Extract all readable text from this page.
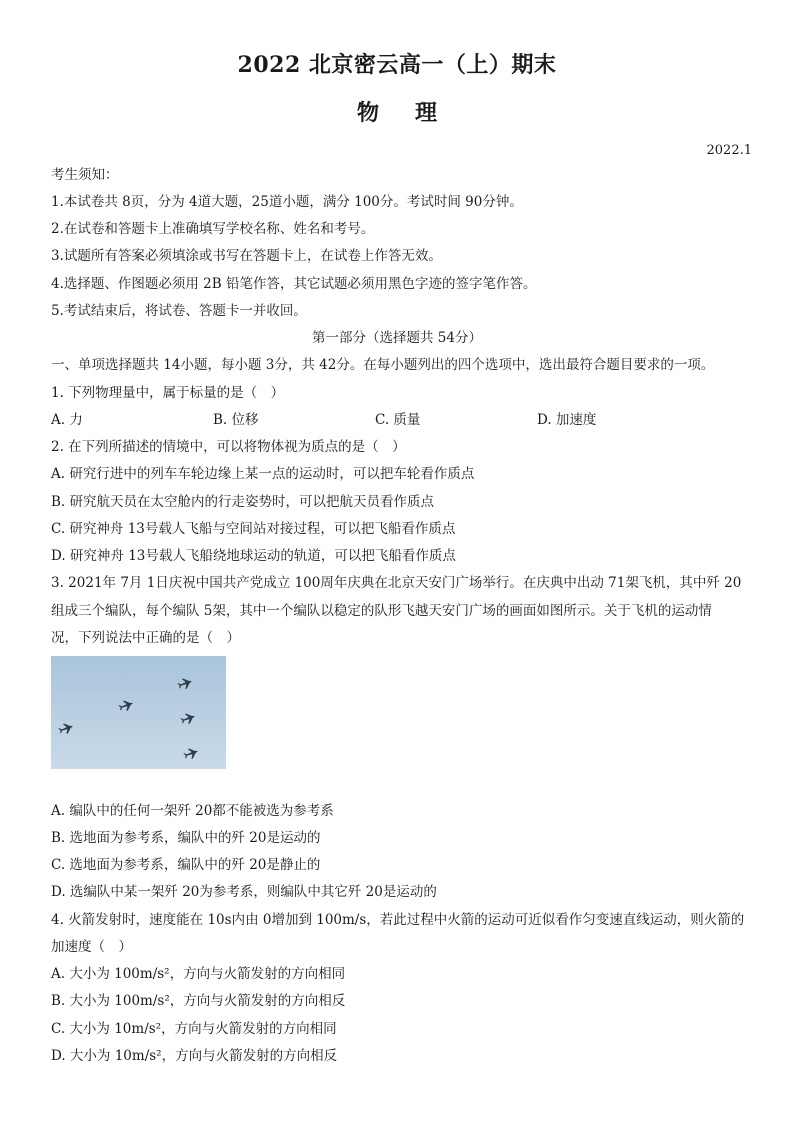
2022 北京密云高一（上）期末
物理
2022.1
考生须知：
1.本试卷共 8页，分为 4道大题，25道小题，满分 100分。考试时间 90分钟。
2.在试卷和答题卡上准确填写学校名称、姓名和考号。
3.试题所有答案必须填涂或书写在答题卡上，在试卷上作答无效。
4.选择题、作图题必须用 2B 铅笔作答，其它试题必须用黑色字迹的签字笔作答。
5.考试结束后，将试卷、答题卡一并收回。
第一部分（选择题共 54分）
一、单项选择题共 14小题，每小题 3分，共 42分。在每小题列出的四个选项中，选出最符合题目要求的一项。
1. 下列物理量中，属于标量的是（　）
A. 力	B. 位移	C. 质量	D. 加速度
2. 在下列所描述的情境中，可以将物体视为质点的是（　）
A. 研究行进中的列车车轮边缘上某一点的运动时，可以把车轮看作质点
B. 研究航天员在太空舱内的行走姿势时，可以把航天员看作质点
C. 研究神舟 13号载人飞船与空间站对接过程，可以把飞船看作质点
D. 研究神舟 13号载人飞船绕地球运动的轨道，可以把飞船看作质点
3. 2021年 7月 1日庆祝中国共产党成立 100周年庆典在北京天安门广场举行。在庆典中出动 71架飞机，其中歼 20
组成三个编队，每个编队 5架，其中一个编队以稳定的队形飞越天安门广场的画面如图所示。关于飞机的运动情
况，下列说法中正确的是（　）
A. 编队中的任何一架歼 20都不能被选为参考系
B. 选地面为参考系，编队中的歼 20是运动的
C. 选地面为参考系，编队中的歼 20是静止的
D. 选编队中某一架歼 20为参考系，则编队中其它歼 20是运动的
4. 火箭发射时，速度能在 10s内由 0增加到 100m/s，若此过程中火箭的运动可近似看作匀变速直线运动，则火箭的
加速度（　）
A. 大小为 100m/s²，方向与火箭发射的方向相同
B. 大小为 100m/s²，方向与火箭发射的方向相反
C. 大小为 10m/s²，方向与火箭发射的方向相同
D. 大小为 10m/s²，方向与火箭发射的方向相反
